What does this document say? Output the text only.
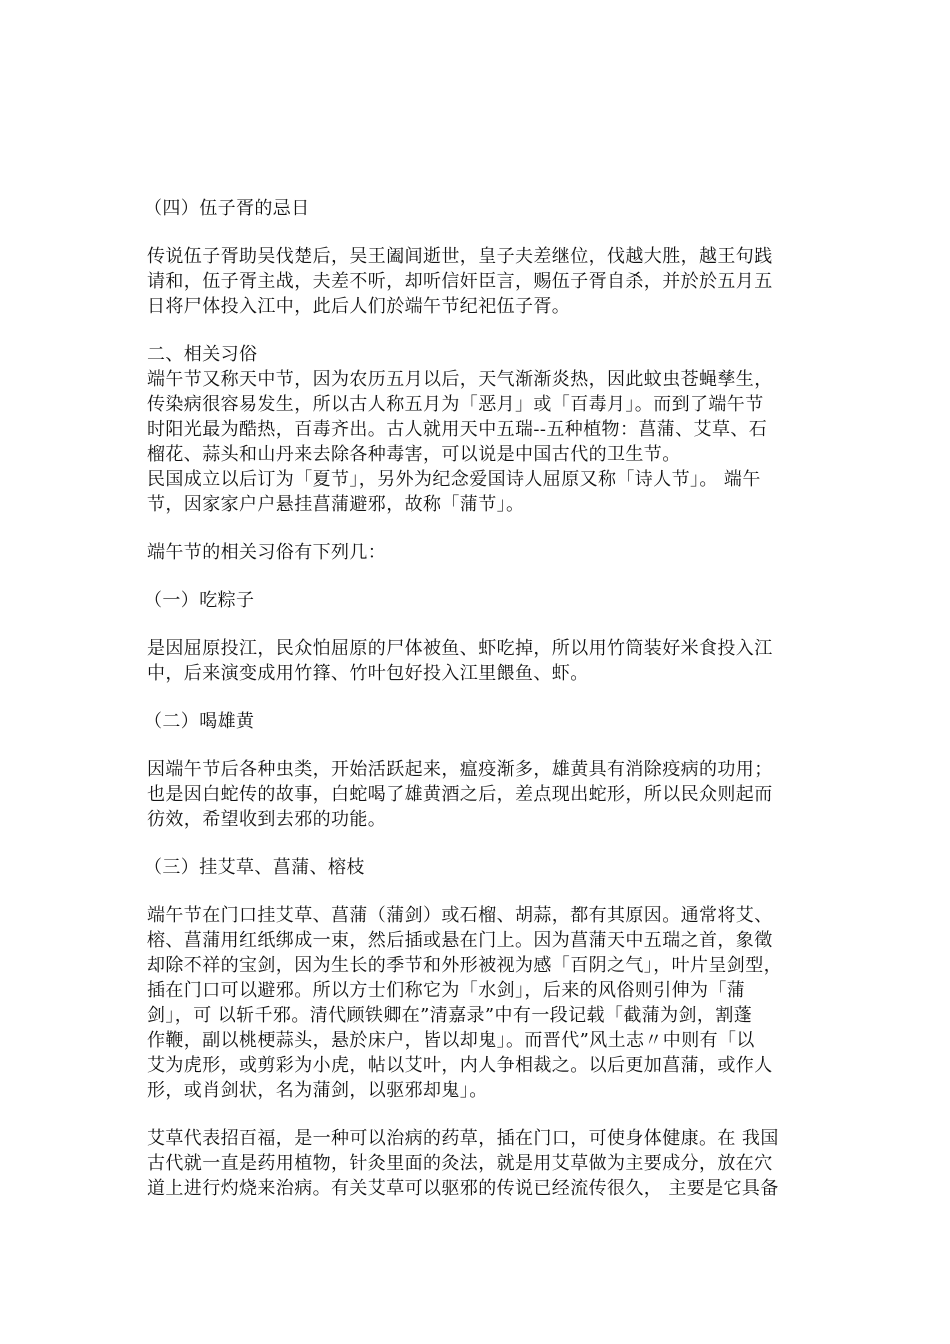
（四）伍子胥的忌日
传说伍子胥助吴伐楚后，吴王阖闾逝世，皇子夫差继位，伐越大胜，越王句践
请和，伍子胥主战，夫差不听，却听信奸臣言，赐伍子胥自杀，并於於五月五
日将尸体投入江中，此后人们於端午节纪祀伍子胥。
二、相关习俗
端午节又称天中节，因为农历五月以后，天气渐渐炎热，因此蚊虫苍蝇孳生，
传染病很容易发生，所以古人称五月为「恶月」或「百毒月」。而到了端午节
时阳光最为酷热，百毒齐出。古人就用天中五瑞--五种植物：菖蒲、艾草、石
榴花、蒜头和山丹来去除各种毒害，可以说是中国古代的卫生节。
民国成立以后订为「夏节」，另外为纪念爱国诗人屈原又称「诗人节」。 端午
节，因家家户户悬挂菖蒲避邪，故称「蒲节」。
端午节的相关习俗有下列几：
（一）吃粽子
是因屈原投江，民众怕屈原的尸体被鱼、虾吃掉，所以用竹筒装好米食投入江
中，后来演变成用竹箨、竹叶包好投入江里餵鱼、虾。
（二）喝雄黄
因端午节后各种虫类，开始活跃起来，瘟疫渐多，雄黄具有消除疫病的功用；
也是因白蛇传的故事，白蛇喝了雄黄酒之后，差点现出蛇形，所以民众则起而
彷效，希望收到去邪的功能。
（三）挂艾草、菖蒲、榕枝
端午节在门口挂艾草、菖蒲（蒲剑）或石榴、胡蒜，都有其原因。通常将艾、
榕、菖蒲用红纸绑成一束，然后插或悬在门上。因为菖蒲天中五瑞之首，象徵
却除不祥的宝剑，因为生长的季节和外形被视为感「百阴之气」，叶片呈剑型，
插在门口可以避邪。所以方士们称它为「水剑」，后来的风俗则引伸为「蒲
剑」，可 以斩千邪。清代顾铁卿在”清嘉录”中有一段记载「截蒲为剑，割蓬
作鞭，副以桃梗蒜头，悬於床户，皆以却鬼」。而晋代”风土志〃中则有「以
艾为虎形，或剪彩为小虎，帖以艾叶，内人争相裁之。以后更加菖蒲，或作人
形，或肖剑状，名为蒲剑，以驱邪却鬼」。
艾草代表招百福，是一种可以治病的药草，插在门口，可使身体健康。在 我国
古代就一直是药用植物，针灸里面的灸法，就是用艾草做为主要成分，放在穴
道上进行灼烧来治病。有关艾草可以驱邪的传说已经流传很久， 主要是它具备
